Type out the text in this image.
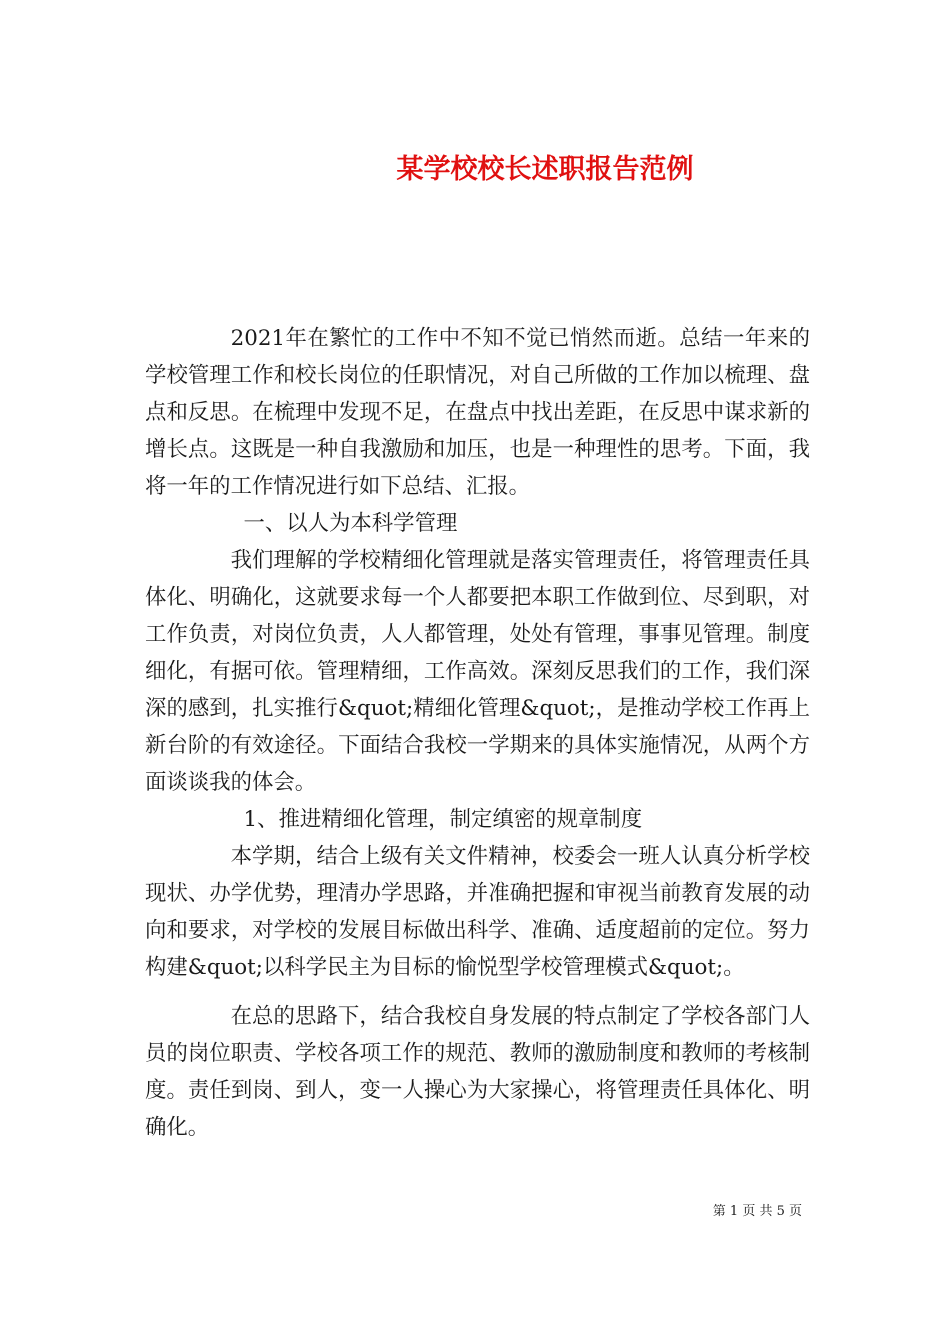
某学校校长述职报告范例

2021年在繁忙的工作中不知不觉已悄然而逝。总结一年来的学校管理工作和校长岗位的任职情况，对自己所做的工作加以梳理、盘点和反思。在梳理中发现不足，在盘点中找出差距，在反思中谋求新的增长点。这既是一种自我激励和加压，也是一种理性的思考。下面，我将一年的工作情况进行如下总结、汇报。

一、以人为本科学管理

我们理解的学校精细化管理就是落实管理责任，将管理责任具体化、明确化，这就要求每一个人都要把本职工作做到位、尽到职，对工作负责，对岗位负责，人人都管理，处处有管理，事事见管理。制度细化，有据可依。管理精细，工作高效。深刻反思我们的工作，我们深深的感到，扎实推行&quot;精细化管理&quot;，是推动学校工作再上新台阶的有效途径。下面结合我校一学期来的具体实施情况，从两个方面谈谈我的体会。

1、推进精细化管理，制定缜密的规章制度

本学期，结合上级有关文件精神，校委会一班人认真分析学校现状、办学优势，理清办学思路，并准确把握和审视当前教育发展的动向和要求，对学校的发展目标做出科学、准确、适度超前的定位。努力构建&quot;以科学民主为目标的愉悦型学校管理模式&quot;。

在总的思路下，结合我校自身发展的特点制定了学校各部门人员的岗位职责、学校各项工作的规范、教师的激励制度和教师的考核制度。责任到岗、到人，变一人操心为大家操心，将管理责任具体化、明确化。

第 1 页 共 5 页
